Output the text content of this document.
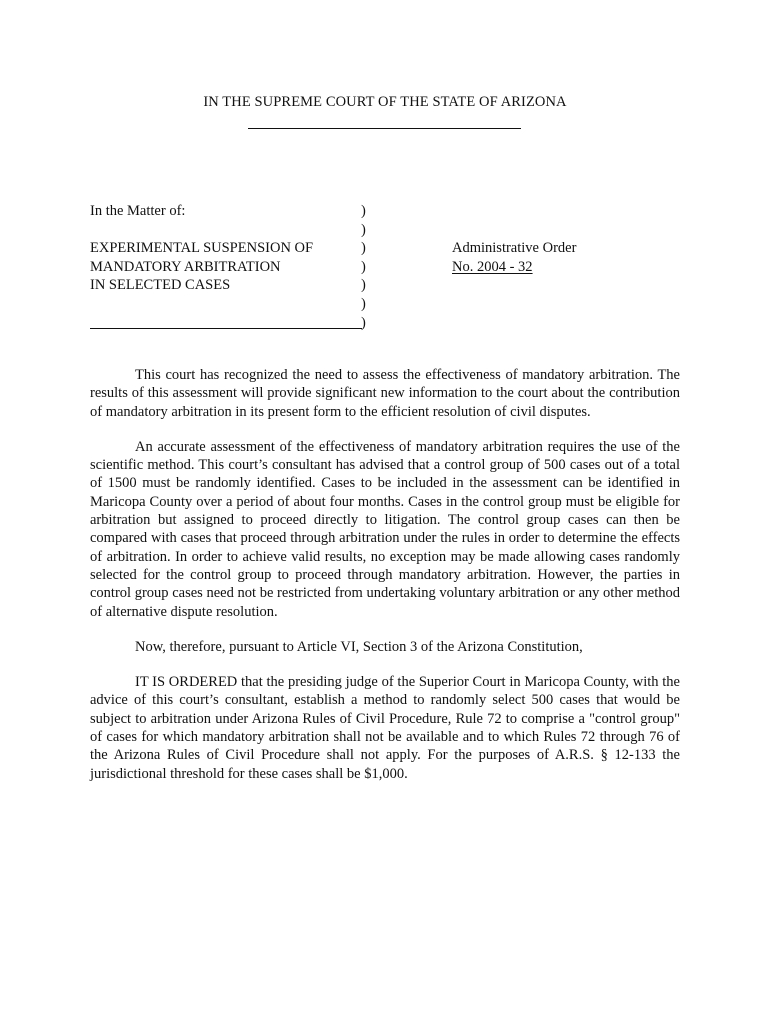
IN THE SUPREME COURT OF THE STATE OF ARIZONA
In the Matter of:
EXPERIMENTAL SUSPENSION OF
MANDATORY ARBITRATION
IN SELECTED CASES
)
)
)
)
)
)
)
Administrative Order
No. 2004 - 32

This court has recognized the need to assess the effectiveness of mandatory arbitration. The results of this assessment will provide significant new information to the court about the contribution of mandatory arbitration in its present form to the efficient resolution of civil disputes.

An accurate assessment of the effectiveness of mandatory arbitration requires the use of the scientific method. This court’s consultant has advised that a control group of 500 cases out of a total of 1500 must be randomly identified. Cases to be included in the assessment can be identified in Maricopa County over a period of about four months. Cases in the control group must be eligible for arbitration but assigned to proceed directly to litigation. The control group cases can then be compared with cases that proceed through arbitration under the rules in order to determine the effects of arbitration. In order to achieve valid results, no exception may be made allowing cases randomly selected for the control group to proceed through mandatory arbitration. However, the parties in control group cases need not be restricted from undertaking voluntary arbitration or any other method of alternative dispute resolution.

Now, therefore, pursuant to Article VI, Section 3 of the Arizona Constitution,

IT IS ORDERED that the presiding judge of the Superior Court in Maricopa County, with the advice of this court’s consultant, establish a method to randomly select 500 cases that would be subject to arbitration under Arizona Rules of Civil Procedure, Rule 72 to comprise a "control group" of cases for which mandatory arbitration shall not be available and to which Rules 72 through 76 of the Arizona Rules of Civil Procedure shall not apply. For the purposes of A.R.S. § 12-133 the jurisdictional threshold for these cases shall be $1,000.
